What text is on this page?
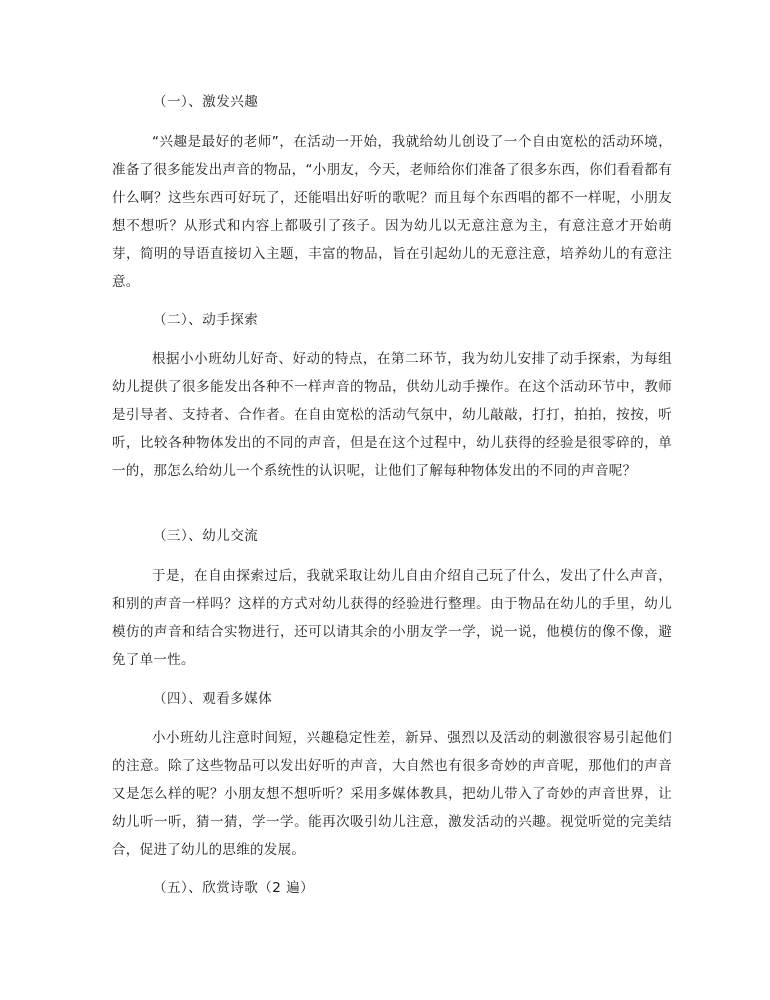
（一）、激发兴趣
“兴趣是最好的老师”，在活动一开始，我就给幼儿创设了一个自由宽松的活动环境，准备了很多能发出声音的物品，“小朋友，今天，老师给你们准备了很多东西，你们看看都有什么啊？这些东西可好玩了，还能唱出好听的歌呢？而且每个东西唱的都不一样呢，小朋友想不想听？从形式和内容上都吸引了孩子。因为幼儿以无意注意为主，有意注意才开始萌芽，简明的导语直接切入主题，丰富的物品，旨在引起幼儿的无意注意，培养幼儿的有意注意。
（二）、动手探索
根据小小班幼儿好奇、好动的特点，在第二环节，我为幼儿安排了动手探索，为每组幼儿提供了很多能发出各种不一样声音的物品，供幼儿动手操作。在这个活动环节中，教师是引导者、支持者、合作者。在自由宽松的活动气氛中，幼儿敲敲，打打，拍拍，按按，听听，比较各种物体发出的不同的声音，但是在这个过程中，幼儿获得的经验是很零碎的，单一的，那怎么给幼儿一个系统性的认识呢，让他们了解每种物体发出的不同的声音呢？
（三）、幼儿交流
于是，在自由探索过后，我就采取让幼儿自由介绍自己玩了什么，发出了什么声音，和别的声音一样吗？这样的方式对幼儿获得的经验进行整理。由于物品在幼儿的手里，幼儿模仿的声音和结合实物进行，还可以请其余的小朋友学一学，说一说，他模仿的像不像，避免了单一性。
（四）、观看多媒体
小小班幼儿注意时间短，兴趣稳定性差，新异、强烈以及活动的刺激很容易引起他们的注意。除了这些物品可以发出好听的声音，大自然也有很多奇妙的声音呢，那他们的声音又是怎么样的呢？小朋友想不想听听？采用多媒体教具，把幼儿带入了奇妙的声音世界，让幼儿听一听，猜一猜，学一学。能再次吸引幼儿注意，激发活动的兴趣。视觉听觉的完美结合，促进了幼儿的思维的发展。
（五）、欣赏诗歌（2 遍）
